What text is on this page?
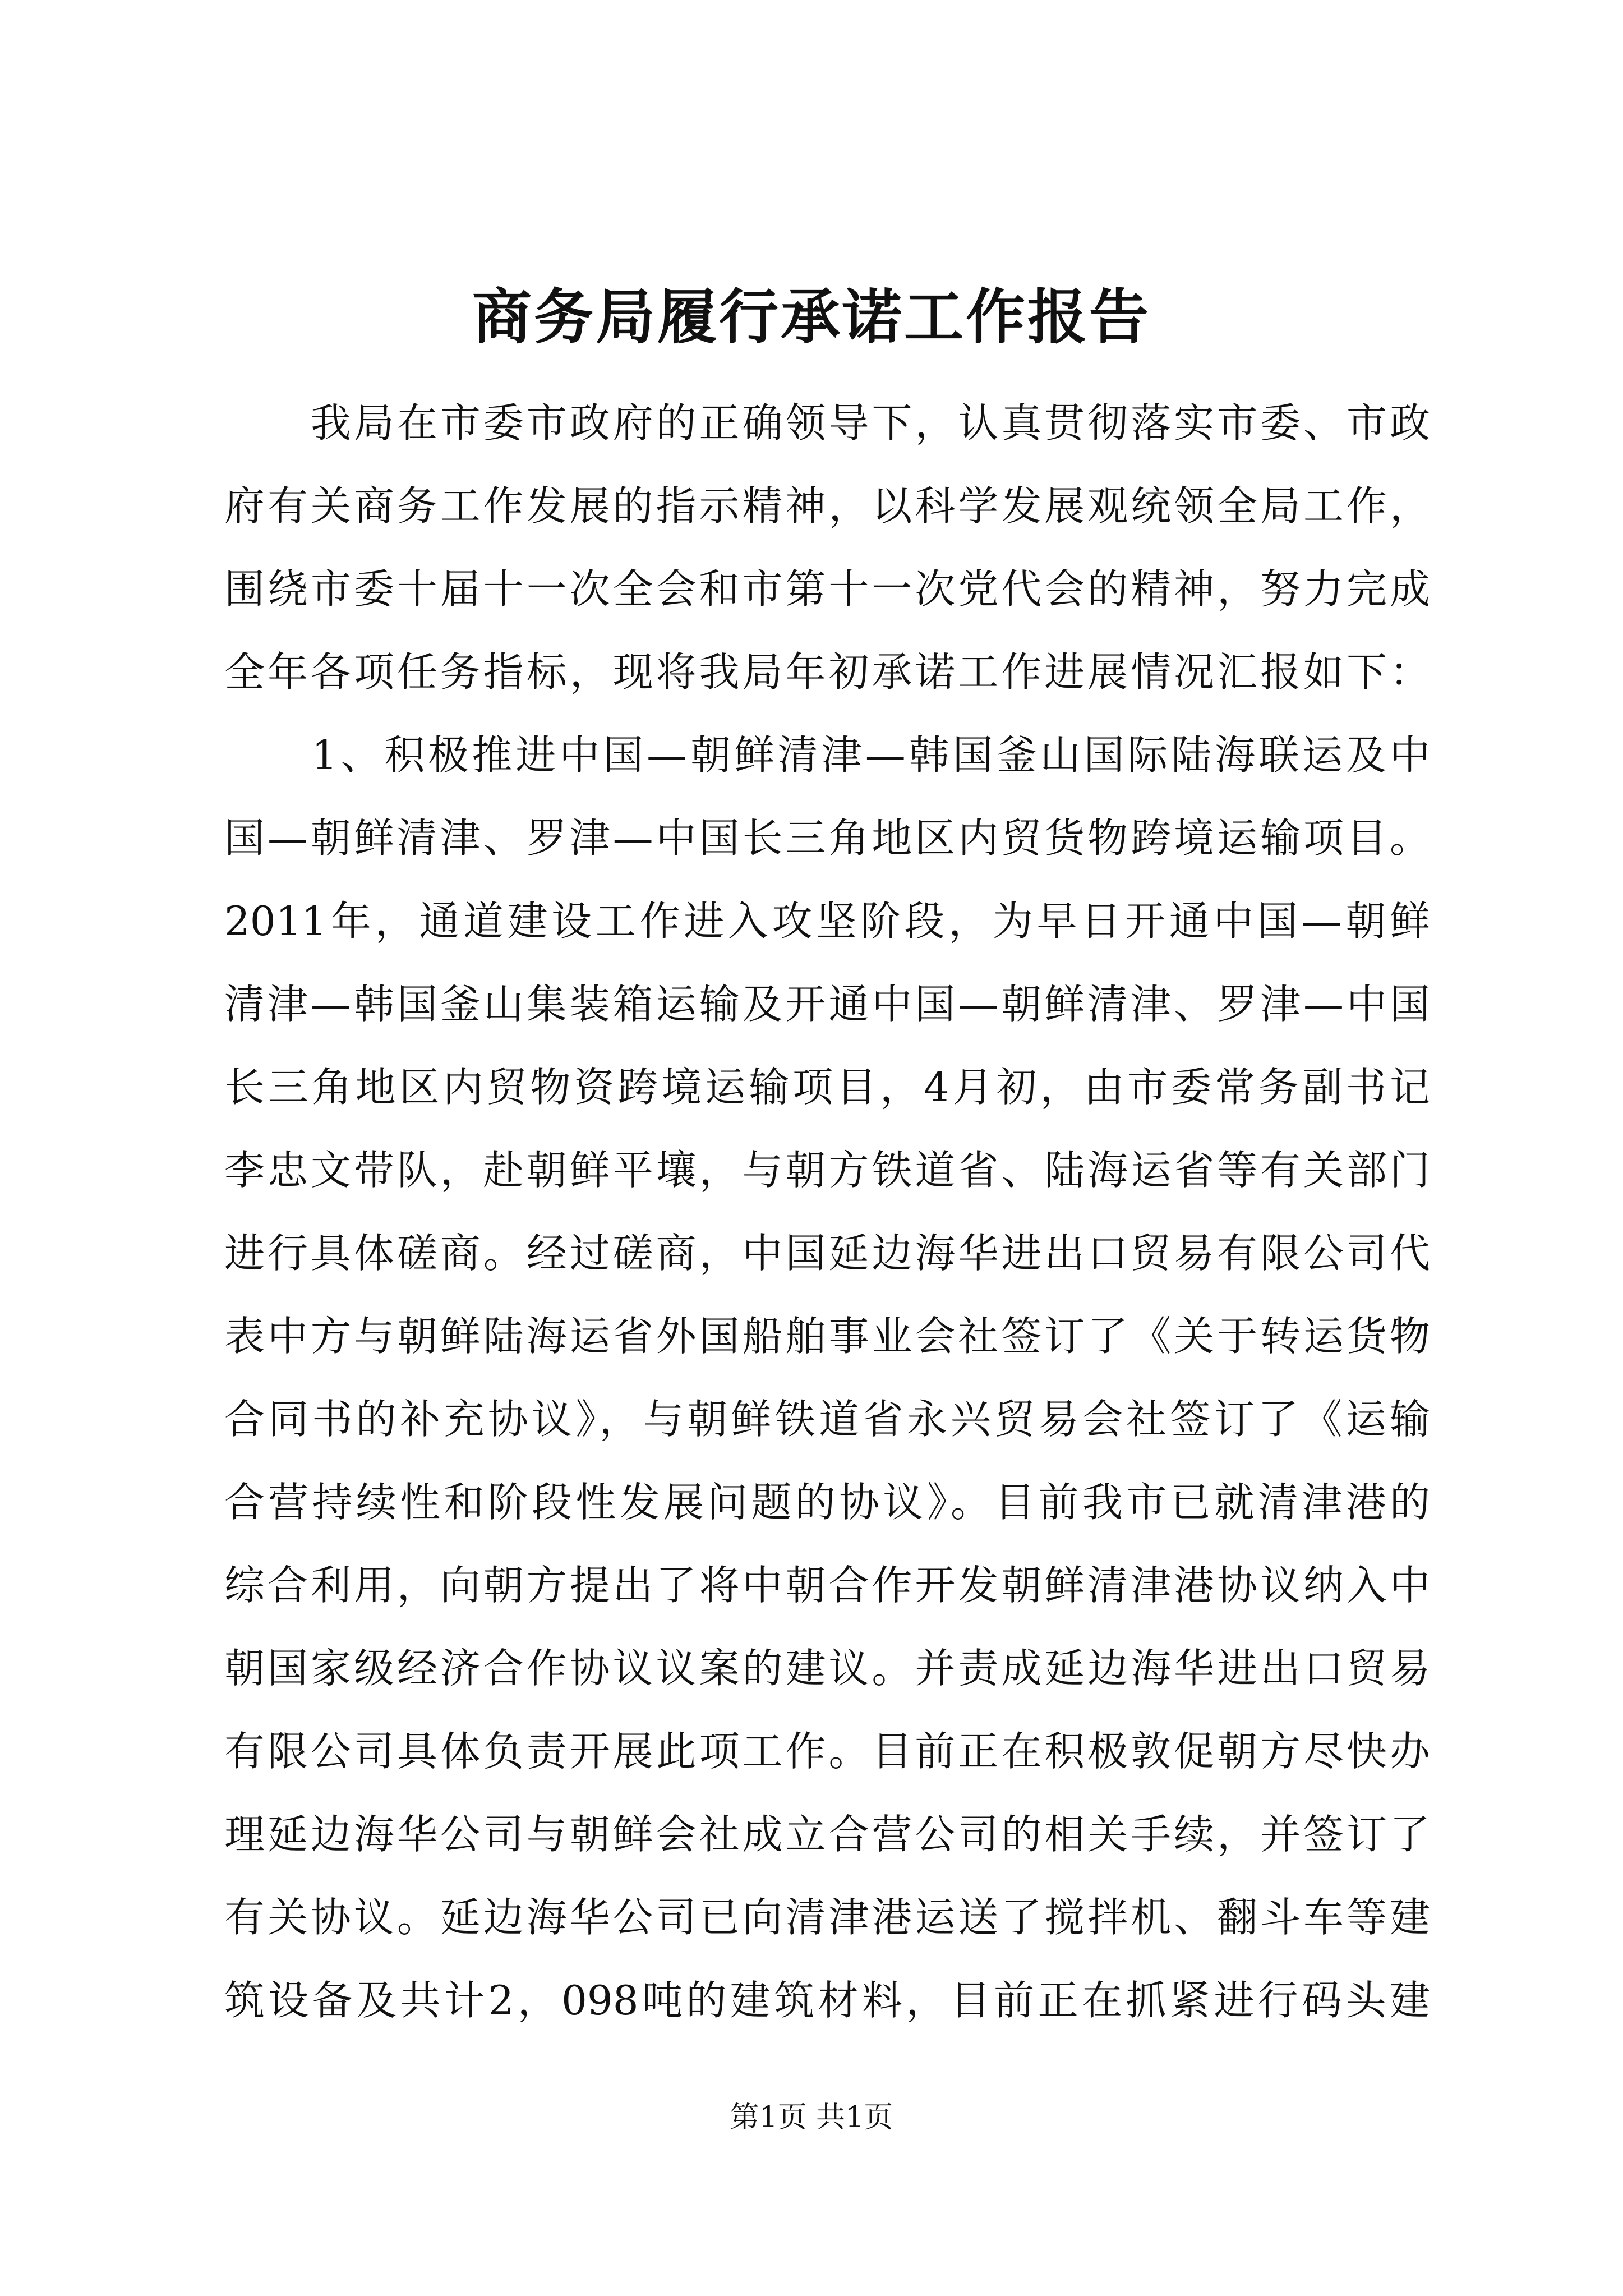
商务局履行承诺工作报告
　　我局在市委市政府的正确领导下，认真贯彻落实市委、市政
府有关商务工作发展的指示精神，以科学发展观统领全局工作，
围绕市委十届十一次全会和市第十一次党代会的精神，努力完成
全年各项任务指标，现将我局年初承诺工作进展情况汇报如下：
　　1、积极推进中国—朝鲜清津—韩国釜山国际陆海联运及中
国—朝鲜清津、罗津—中国长三角地区内贸货物跨境运输项目。
2011年，通道建设工作进入攻坚阶段，为早日开通中国—朝鲜
清津—韩国釜山集装箱运输及开通中国—朝鲜清津、罗津—中国
长三角地区内贸物资跨境运输项目，4月初，由市委常务副书记
李忠文带队，赴朝鲜平壤，与朝方铁道省、陆海运省等有关部门
进行具体磋商。经过磋商，中国延边海华进出口贸易有限公司代
表中方与朝鲜陆海运省外国船舶事业会社签订了《关于转运货物
合同书的补充协议》，与朝鲜铁道省永兴贸易会社签订了《运输
合营持续性和阶段性发展问题的协议》。目前我市已就清津港的
综合利用，向朝方提出了将中朝合作开发朝鲜清津港协议纳入中
朝国家级经济合作协议议案的建议。并责成延边海华进出口贸易
有限公司具体负责开展此项工作。目前正在积极敦促朝方尽快办
理延边海华公司与朝鲜会社成立合营公司的相关手续，并签订了
有关协议。延边海华公司已向清津港运送了搅拌机、翻斗车等建
筑设备及共计2，098吨的建筑材料，目前正在抓紧进行码头建
第1页 共1页
